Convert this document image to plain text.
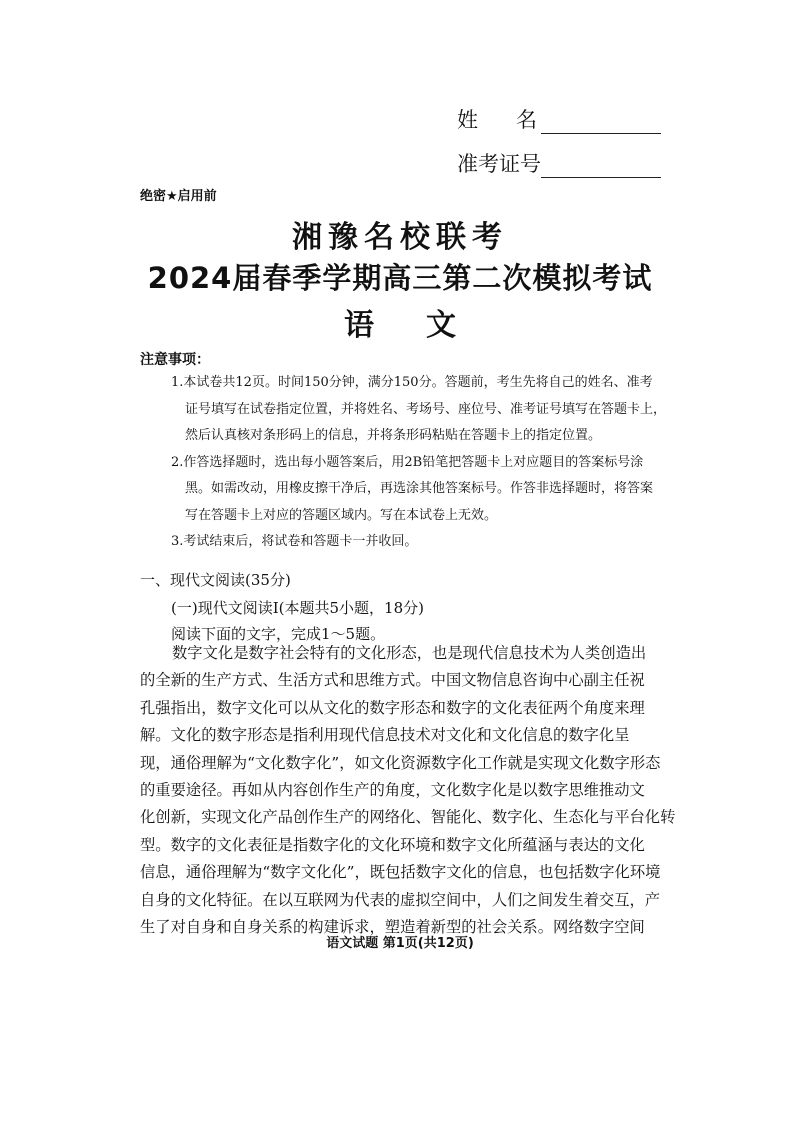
姓名
准考证号
绝密★启用前
湘豫名校联考
2024届春季学期高三第二次模拟考试
语文
注意事项：

1.本试卷共12页。时间150分钟，满分150分。答题前，考生先将自己的姓名、准考

证号填写在试卷指定位置，并将姓名、考场号、座位号、准考证号填写在答题卡上，

然后认真核对条形码上的信息，并将条形码粘贴在答题卡上的指定位置。

2.作答选择题时，选出每小题答案后，用2B铅笔把答题卡上对应题目的答案标号涂

黑。如需改动，用橡皮擦干净后，再选涂其他答案标号。作答非选择题时，将答案

写在答题卡上对应的答题区域内。写在本试卷上无效。

3.考试结束后，将试卷和答题卡一并收回。

一、现代文阅读(35分)
(一)现代文阅读Ⅰ(本题共5小题，18分)
阅读下面的文字，完成1～5题。

数字文化是数字社会特有的文化形态，也是现代信息技术为人类创造出

的全新的生产方式、生活方式和思维方式。中国文物信息咨询中心副主任祝

孔强指出，数字文化可以从文化的数字形态和数字的文化表征两个角度来理

解。文化的数字形态是指利用现代信息技术对文化和文化信息的数字化呈

现，通俗理解为“文化数字化”，如文化资源数字化工作就是实现文化数字形态

的重要途径。再如从内容创作生产的角度，文化数字化是以数字思维推动文

化创新，实现文化产品创作生产的网络化、智能化、数字化、生态化与平台化转

型。数字的文化表征是指数字化的文化环境和数字文化所蕴涵与表达的文化

信息，通俗理解为“数字文化化”，既包括数字文化的信息，也包括数字化环境

自身的文化特征。在以互联网为代表的虚拟空间中，人们之间发生着交互，产

生了对自身和自身关系的构建诉求，塑造着新型的社会关系。网络数字空间

语文试题 第1页(共12页)
